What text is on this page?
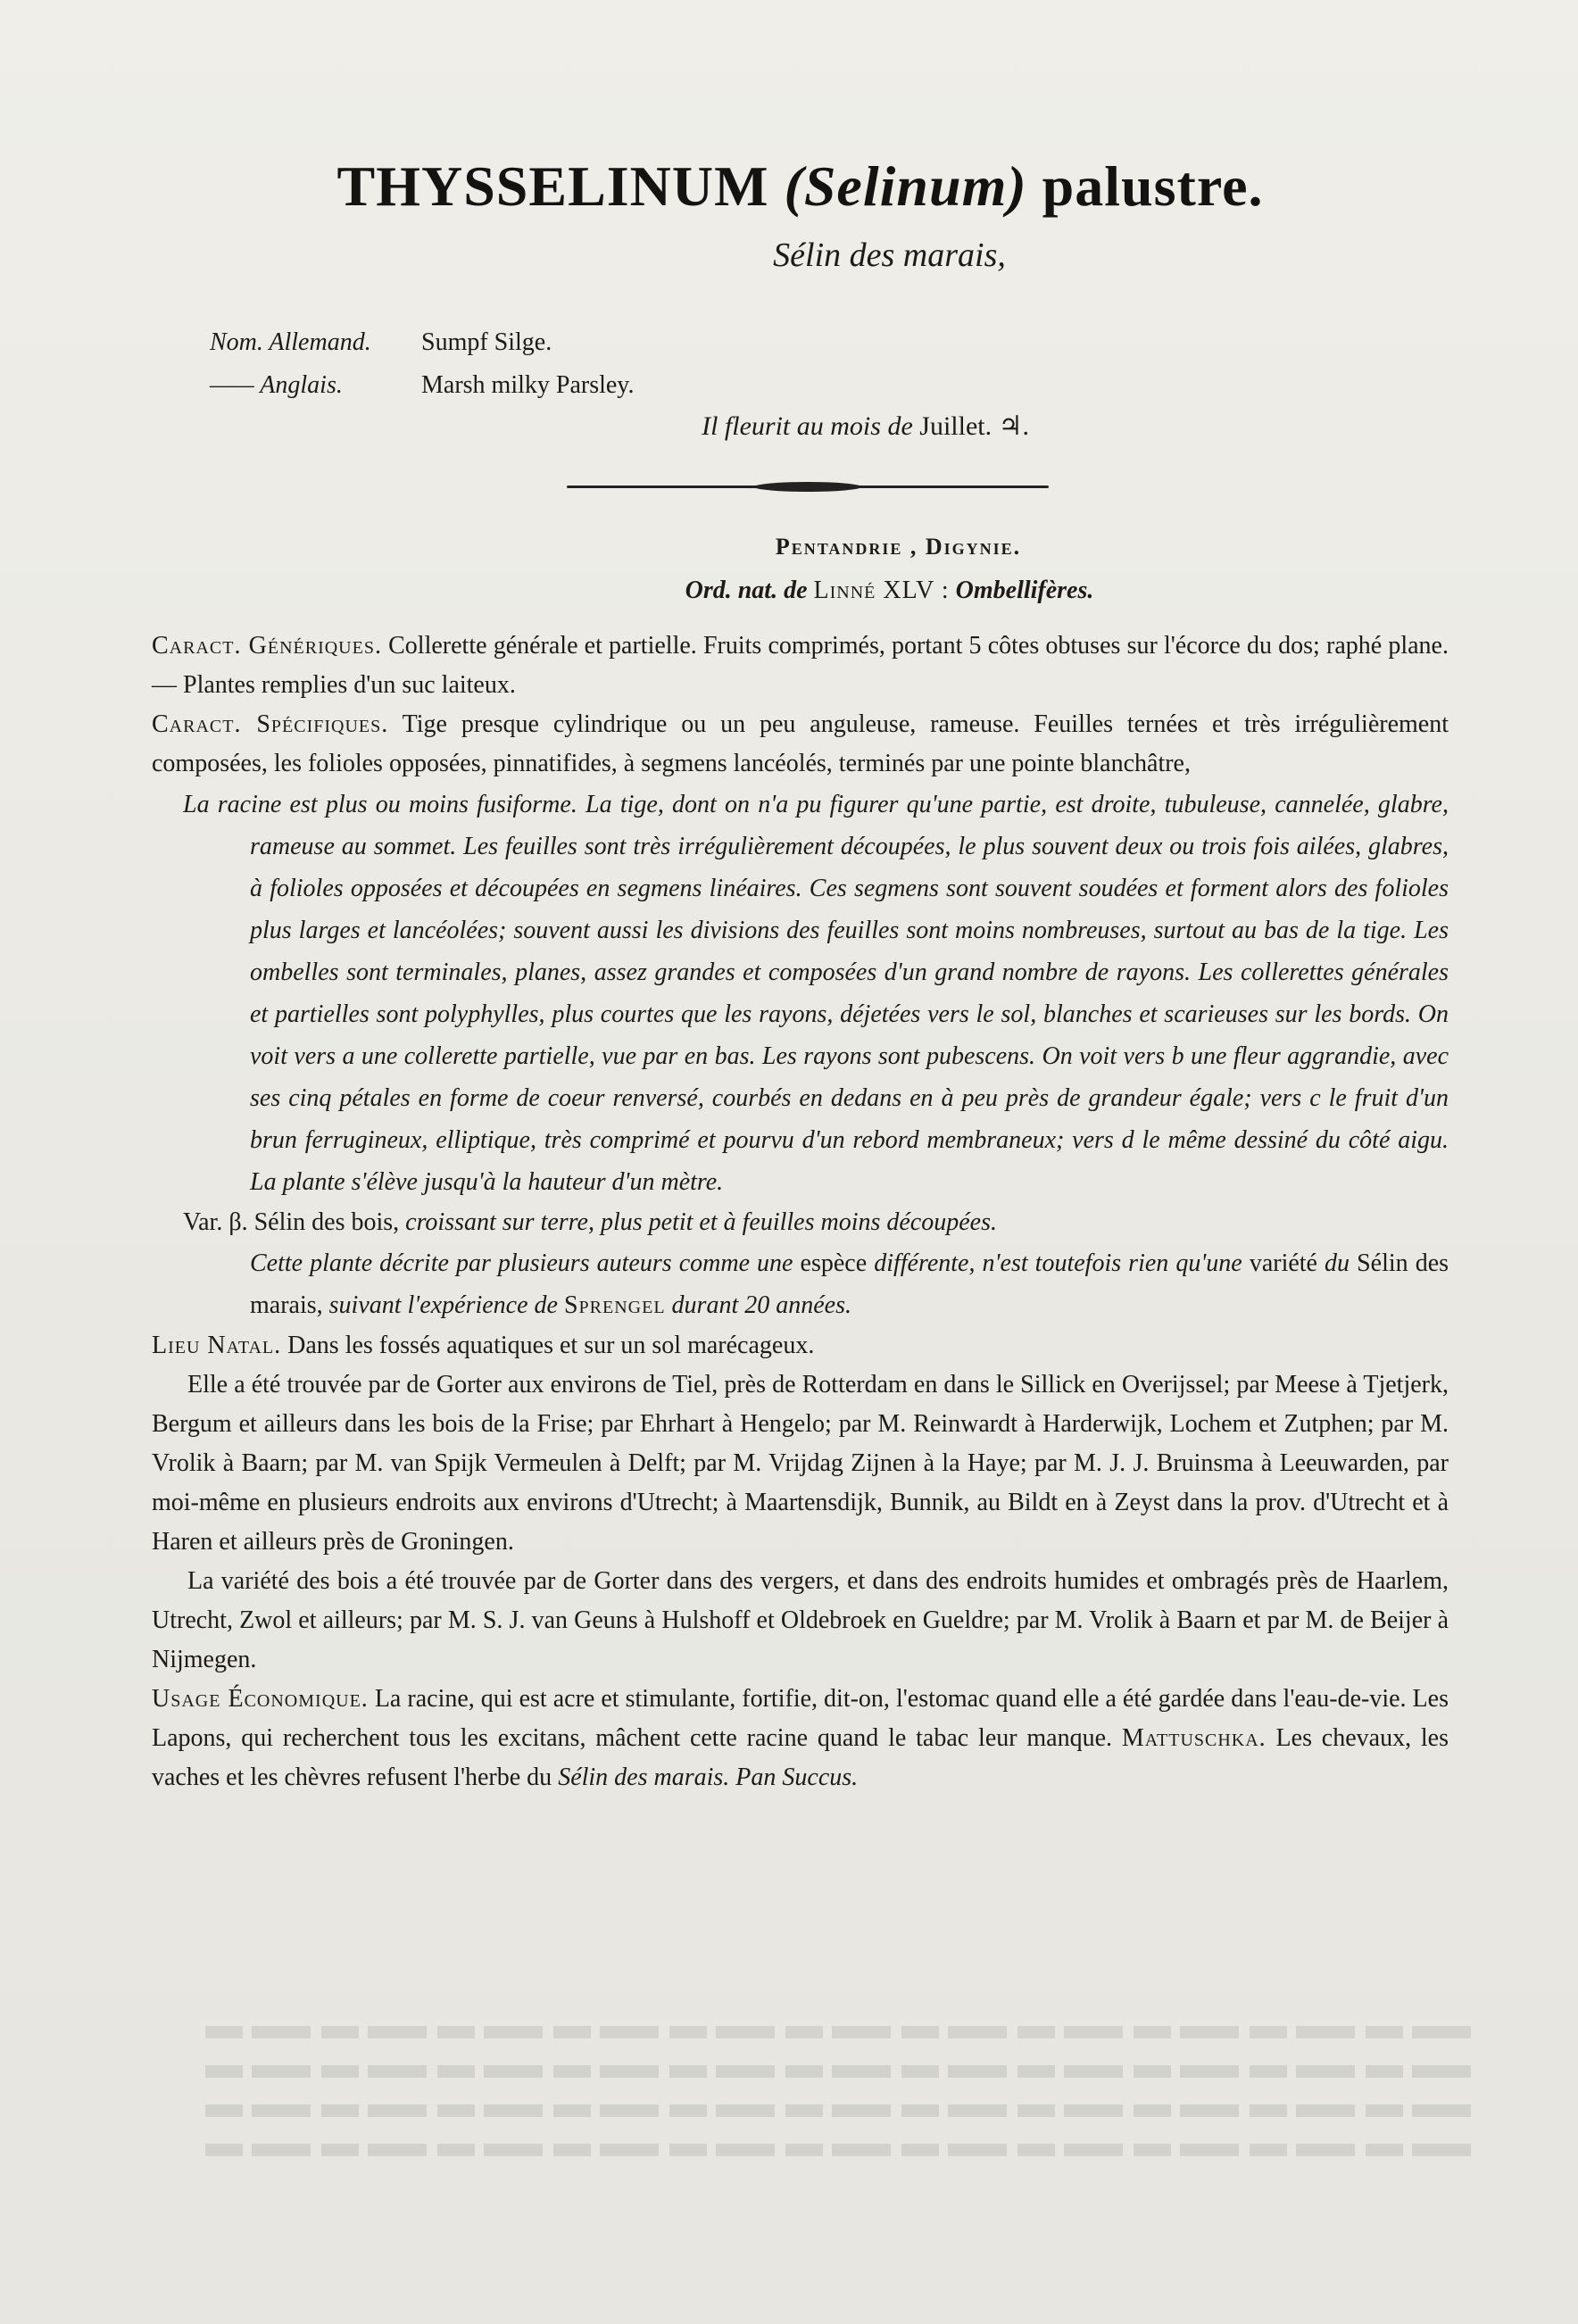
THYSSELINUM (Selinum) palustre.
Sélin des marais,
Nom. Allemand. Sumpf Silge.
—— Anglais.	Marsh milky Parsley.
Il fleurit au mois de Juillet. ♃.
Pentandrie , Digynie.
Ord. nat. de Linné XLV : Ombellifères.

Caract. Génériques. Collerette générale et partielle. Fruits comprimés, portant 5 côtes obtuses sur l'écorce du dos; raphé plane. — Plantes remplies d'un suc laiteux.

Caract. Spécifiques. Tige presque cylindrique ou un peu anguleuse, rameuse. Feuilles ternées et très irrégulièrement composées, les folioles opposées, pinnatifides, à segmens lancéolés, terminés par une pointe blanchâtre,

La racine est plus ou moins fusiforme. La tige, dont on n'a pu figurer qu'une partie, est droite, tubuleuse, cannelée, glabre, rameuse au sommet. Les feuilles sont très irrégulièrement découpées, le plus souvent deux ou trois fois ailées, glabres, à folioles opposées et découpées en segmens linéaires. Ces segmens sont souvent soudées et forment alors des folioles plus larges et lancéolées; souvent aussi les divisions des feuilles sont moins nombreuses, surtout au bas de la tige. Les ombelles sont terminales, planes, assez grandes et composées d'un grand nombre de rayons. Les collerettes générales et partielles sont polyphylles, plus courtes que les rayons, déjetées vers le sol, blanches et scarieuses sur les bords. On voit vers a une collerette partielle, vue par en bas. Les rayons sont pubescens. On voit vers b une fleur aggrandie, avec ses cinq pétales en forme de coeur renversé, courbés en dedans en à peu près de grandeur égale; vers c le fruit d'un brun ferrugineux, elliptique, très comprimé et pourvu d'un rebord membraneux; vers d le même dessiné du côté aigu. La plante s'élève jusqu'à la hauteur d'un mètre.

Var. β. Sélin des bois, croissant sur terre, plus petit et à feuilles moins découpées.

Cette plante décrite par plusieurs auteurs comme une espèce différente, n'est toutefois rien qu'une variété du Sélin des marais, suivant l'expérience de Sprengel durant 20 années.

Lieu Natal. Dans les fossés aquatiques et sur un sol marécageux.

Elle a été trouvée par de Gorter aux environs de Tiel, près de Rotterdam en dans le Sillick en Overijssel; par Meese à Tjetjerk, Bergum et ailleurs dans les bois de la Frise; par Ehrhart à Hengelo; par M. Reinwardt à Harderwijk, Lochem et Zutphen; par M. Vrolik à Baarn; par M. van Spijk Vermeulen à Delft; par M. Vrijdag Zijnen à la Haye; par M. J. J. Bruinsma à Leeuwarden, par moi-même en plusieurs endroits aux environs d'Utrecht; à Maartensdijk, Bunnik, au Bildt en à Zeyst dans la prov. d'Utrecht et à Haren et ailleurs près de Groningen.

La variété des bois a été trouvée par de Gorter dans des vergers, et dans des endroits humides et ombragés près de Haarlem, Utrecht, Zwol et ailleurs; par M. S. J. van Geuns à Hulshoff et Oldebroek en Gueldre; par M. Vrolik à Baarn et par M. de Beijer à Nijmegen.

Usage Économique. La racine, qui est acre et stimulante, fortifie, dit-on, l'estomac quand elle a été gardée dans l'eau-de-vie. Les Lapons, qui recherchent tous les excitans, mâchent cette racine quand le tabac leur manque. Mattuschka. Les chevaux, les vaches et les chèvres refusent l'herbe du Sélin des marais. Pan Succus.
